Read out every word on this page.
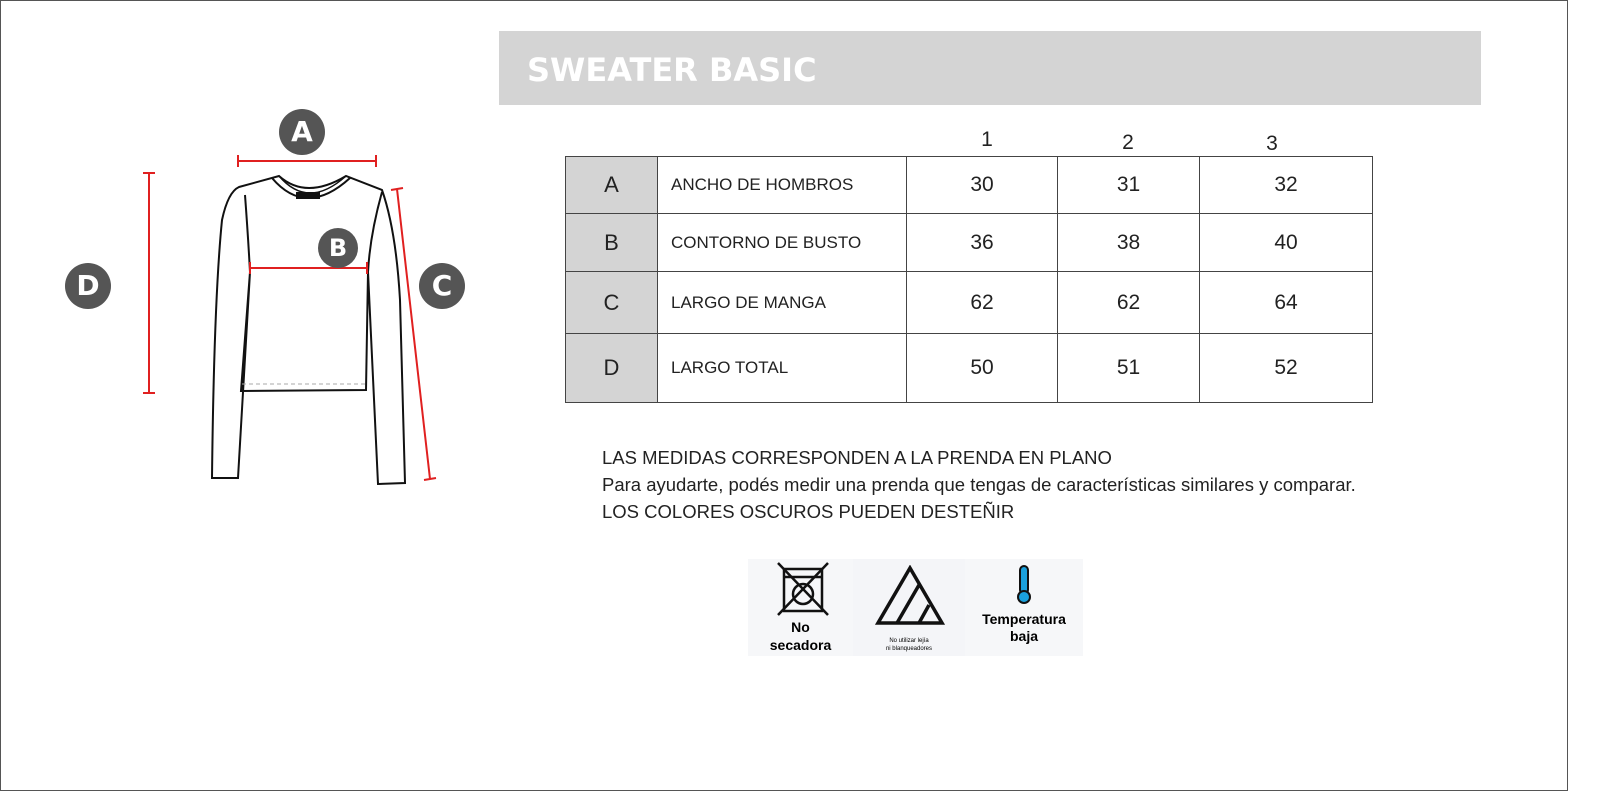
A
B
C
D
SWEATER BASIC
1	2	3
A	ANCHO DE HOMBROS	30	31	32
B	CONTORNO DE BUSTO	36	38	40
C	LARGO DE MANGA	62	62	64
D	LARGO TOTAL	50	51	52
LAS MEDIDAS CORRESPONDEN A LA PRENDA EN PLANO
Para ayudarte, podés medir una prenda que tengas de características similares y comparar.
LOS COLORES OSCUROS PUEDEN DESTEÑIR
No
secadora	No utilizar lejía
ni blanqueadores
Temperatura
baja
